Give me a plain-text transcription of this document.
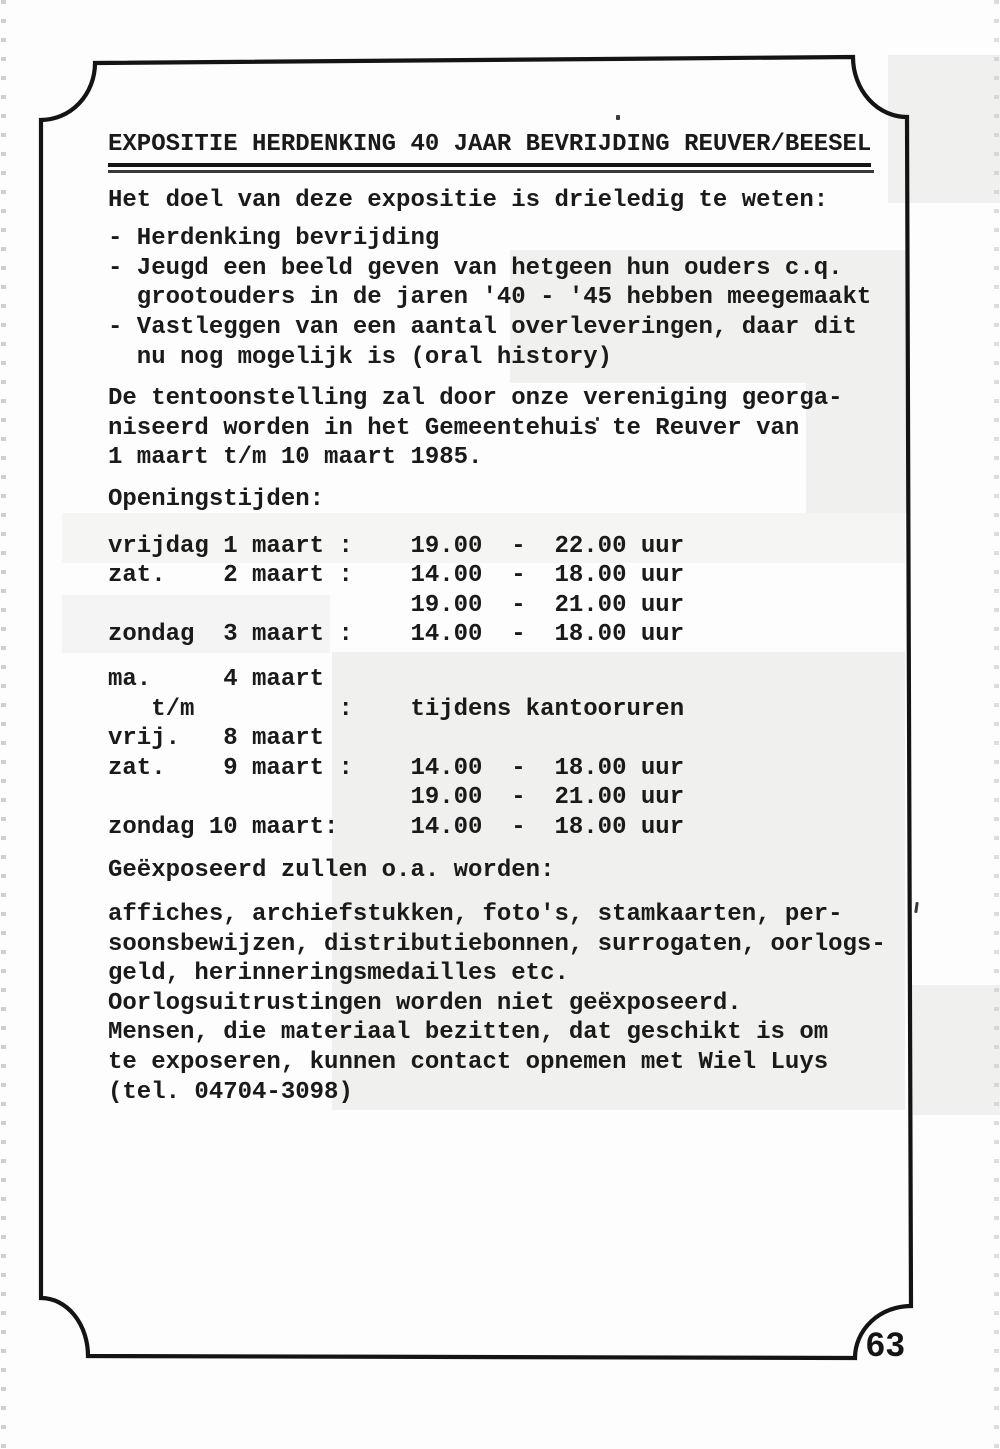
EXPOSITIE HERDENKING 40 JAAR BEVRIJDING REUVER/BEESEL
Het doel van deze expositie is drieledig te weten:
- Herdenking bevrijding
- Jeugd een beeld geven van hetgeen hun ouders c.q.
grootouders in de jaren '40 - '45 hebben meegemaakt
- Vastleggen van een aantal overleveringen, daar dit
nu nog mogelijk is (oral history)
De tentoonstelling zal door onze vereniging georga-
niseerd worden in het Gemeentehuis te Reuver van
1 maart t/m 10 maart 1985.
Openingstijden:
vrijdag 1 maart :    19.00  -  22.00 uur
zat.    2 maart :    14.00  -  18.00 uur
19.00  -  21.00 uur
zondag  3 maart :    14.00  -  18.00 uur
ma.     4 maart
t/m          :    tijdens kantooruren
vrij.   8 maart
zat.    9 maart :    14.00  -  18.00 uur
19.00  -  21.00 uur
zondag 10 maart:     14.00  -  18.00 uur
Geëxposeerd zullen o.a. worden:
affiches, archiefstukken, foto's, stamkaarten, per-
soonsbewijzen, distributiebonnen, surrogaten, oorlogs-
geld, herinneringsmedailles etc.
Oorlogsuitrustingen worden niet geëxposeerd.
Mensen, die materiaal bezitten, dat geschikt is om
te exposeren, kunnen contact opnemen met Wiel Luys
(tel. 04704-3098)
63
